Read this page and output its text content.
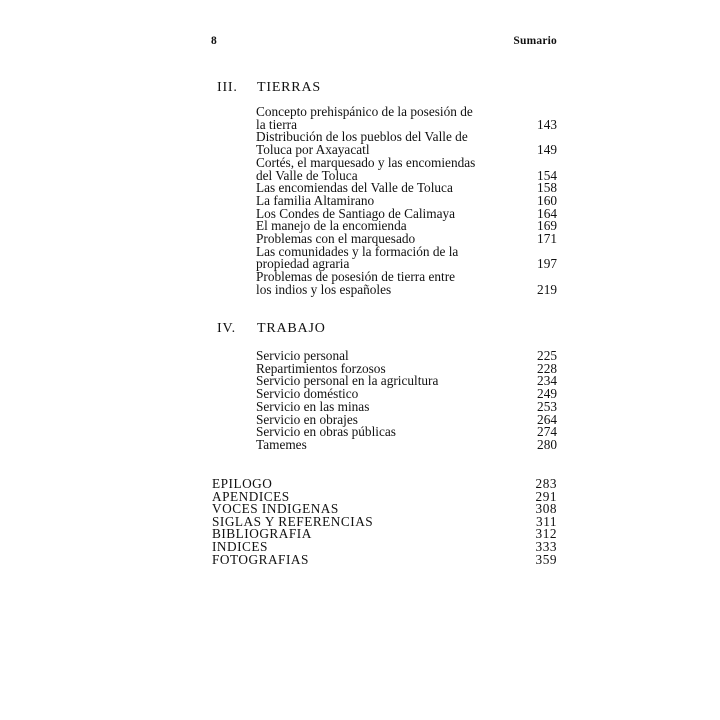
8	Sumario
III.	TIERRAS
Concepto prehispánico de la posesión de
la tierra	143
Distribución de los pueblos del Valle de
Toluca por Axayacatl	149
Cortés, el marquesado y las encomiendas
del Valle de Toluca	154
Las encomiendas del Valle de Toluca	158
La familia Altamirano	160
Los Condes de Santiago de Calimaya	164
El manejo de la encomienda	169
Problemas con el marquesado	171
Las comunidades y la formación de la
propiedad agraria	197
Problemas de posesión de tierra entre
los indios y los españoles	219
IV.	TRABAJO
Servicio personal	225
Repartimientos forzosos	228
Servicio personal en la agricultura	234
Servicio doméstico	249
Servicio en las minas	253
Servicio en obrajes	264
Servicio en obras públicas	274
Tamemes	280
EPILOGO	283
APENDICES	291
VOCES INDIGENAS	308
SIGLAS Y REFERENCIAS	311
BIBLIOGRAFIA	312
INDICES	333
FOTOGRAFIAS	359
